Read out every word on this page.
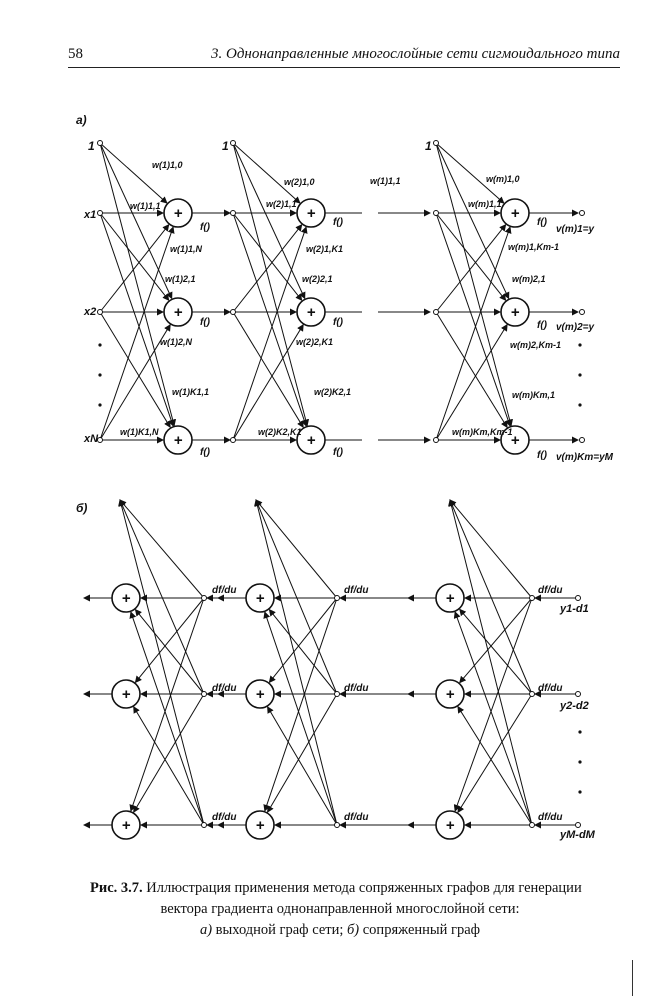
58	3. Однонаправленные многослойные сети сигмоидального типа
+
+
+
+
+
+
+
+
+
+
+
+
+
+
+
+
+
+
а)
б)
1	1	1
x1
x2
xN
f()
f()
f()
f()
f()
f()
f()
f()
f()
w(1)1,0
w(1)1,1
w(1)1,N
w(1)2,1
w(1)2,N
w(1)K1,1
w(1)K1,N
w(2)1,0
w(2)1,1
w(2)1,K1
w(2)2,1
w(2)2,K1
w(2)K2,1
w(2)K2,K1
w(m)1,0
w(m)1,1
w(m)1,Km-1
w(m)2,1
w(m)2,Km-1
w(m)Km,1
w(m)Km,Km-1
w(1)1,1
v(m)1=y
v(m)2=y
v(m)Km=yM
df/du
df/du
df/du
df/du
df/du
df/du
df/du
df/du
df/du
y1-d1
y2-d2
yM-dM
Рис. 3.7. Иллюстрация применения метода сопряженных графов для генерации
вектора градиента однонаправленной многослойной сети:
а) выходной граф сети; б) сопряженный граф
